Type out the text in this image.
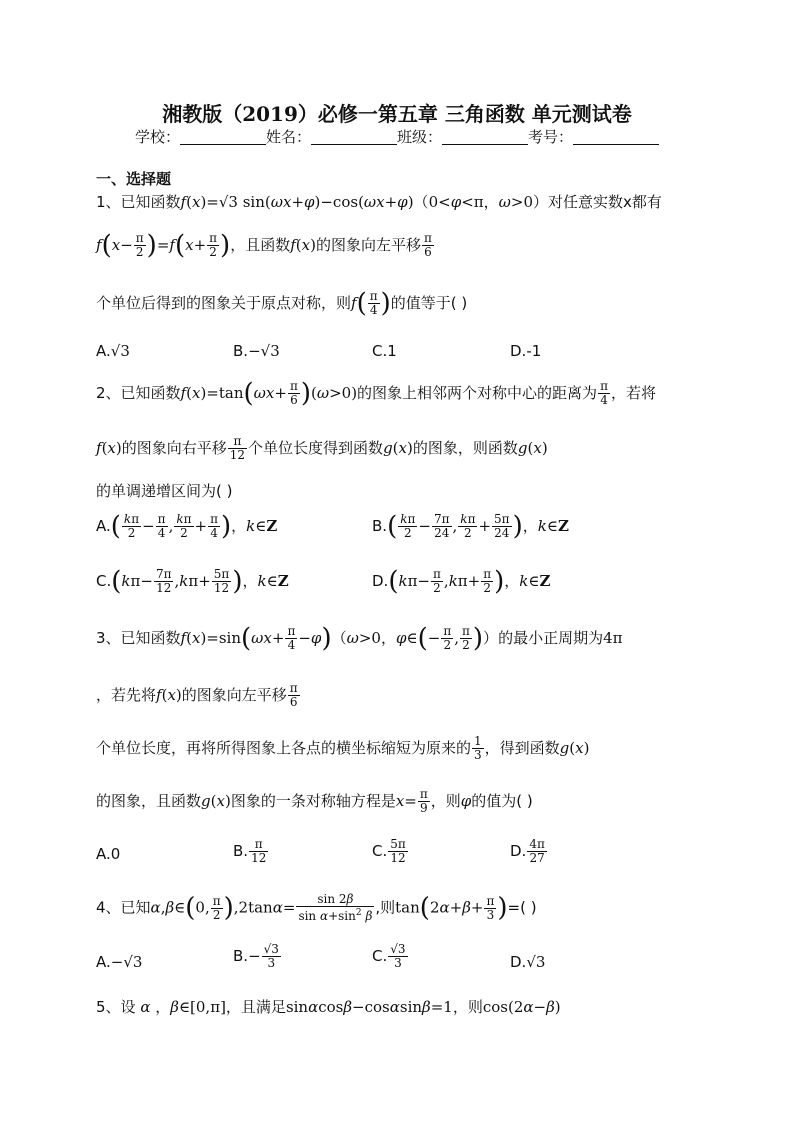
湘教版（2019）必修一第五章 三角函数 单元测试卷
学校：	姓名：	班级：	考号：
一、选择题
1、已知函数f(x)=√3 sin(ωx+φ)−cos(ωx+φ)（0<φ<π，ω>0）对任意实数x都有
$f(x- \frac{\pi}{2} )=f(x+ \frac{\pi}{2}$ )，且函数f(x)的图象向左平移 $\frac{\pi}{6}$
个单位后得到的图象关于原点对称，则$f( \frac{\pi}{4}$ )的值等于( )
A.√3	B.−√3	C.1	D.-1
2、已知函数$f(x)=\tan(\omega x+ \frac{\pi}{6} )(\omega>0)$的图象上相邻两个对称中心的距离为 $\frac{\pi}{4}$ ，若将
f(x)的图象向右平移 $\frac{\pi}{12}$ 个单位长度得到函数g(x)的图象，则函数g(x)
的单调递增区间为( )
$A.( \frac{k\pi}{2} - \frac{\pi}{4}$ , $\frac{k\pi}{2} + \frac{\pi}{4}$ )，k∈Z	$B.( \frac{k\pi}{2} - \frac{7\pi}{24}$ , $\frac{k\pi}{2} + \frac{5\pi}{24}$ )，k∈Z
$C.(k\pi- \frac{7\pi}{12} ,k\pi+ \frac{5\pi}{12}$ )，k∈Z	$D.(k\pi- \frac{\pi}{2} ,k\pi+ \frac{\pi}{2}$ )，k∈Z
3、已知函数$f(x)=\sin(\omega x+ \frac{\pi}{4} -\varphi)(\omega>0$，φ∈(− $\frac{\pi}{2}$ , $\frac{\pi}{2}$ )）的最小正周期为4π
，若先将f(x)的图象向左平移 $\frac{\pi}{6}$
个单位长度，再将所得图象上各点的横坐标缩短为原来的 $\frac{1}{3}$ ，得到函数g(x)
的图象，且函数g(x)图象的一条对称轴方程是$x= \frac{\pi}{9}$ ，则φ的值为( )
A.0	B. $\frac{\pi}{12}$	C. $\frac{5\pi}{12}$	D. $\frac{4\pi}{27}$
4、已知α,β∈(0, $\frac{\pi}{2} ),2\tan\alpha= \frac{\sin 2\beta}{\sin \alpha+\sin^2 \beta}$ ,则$\tan(2\alpha+\beta+ \frac{\pi}{3}$ )=( )
A.−√3	$B.- \frac{√3}{3}$	C. $\frac{√3}{3}$	D.√3
5、设 α ，β∈[0,π]，且满足sinαcosβ−cosαsinβ=1，则cos(2α−β)
